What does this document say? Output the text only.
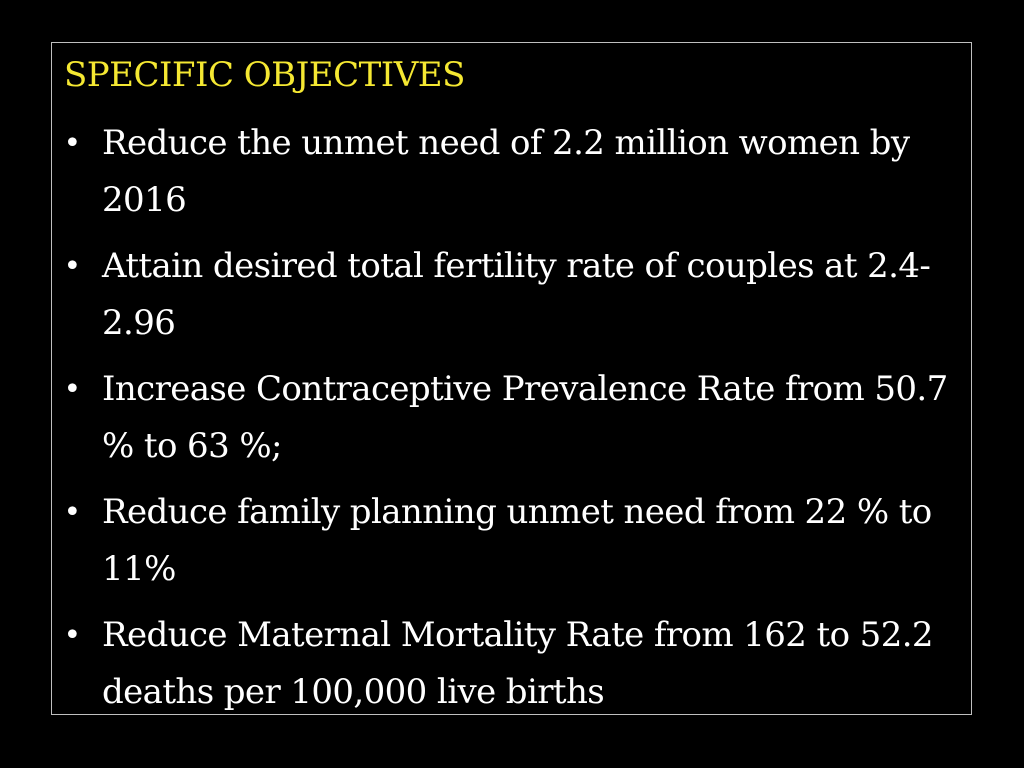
SPECIFIC OBJECTIVES
• Reduce the unmet need of 2.2 million women by 2016
• Attain desired total fertility rate of couples at 2.4-2.96
• Increase Contraceptive Prevalence Rate from 50.7 % to 63 %;
• Reduce family planning unmet need from 22 % to 11%
• Reduce Maternal Mortality Rate from 162 to 52.2 deaths per 100,000 live births
